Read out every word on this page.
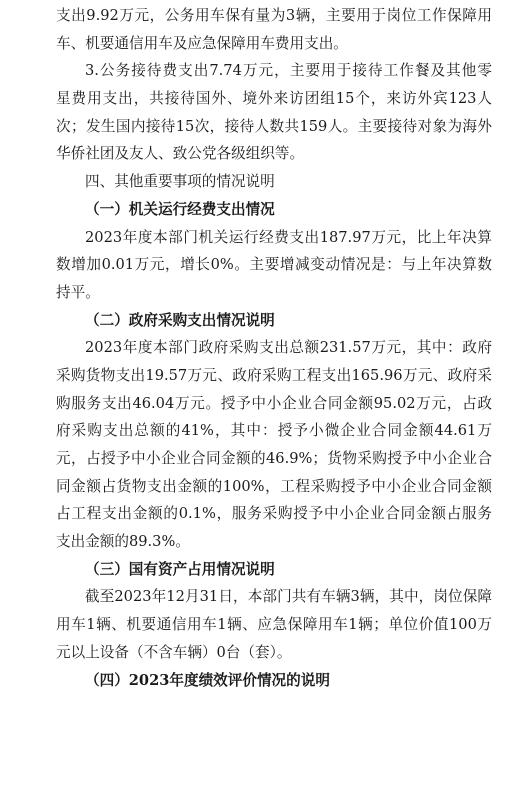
支出9.92万元，公务用车保有量为3辆，主要用于岗位工作保障用
车、机要通信用车及应急保障用车费用支出。
3.公务接待费支出7.74万元，主要用于接待工作餐及其他零
星费用支出，共接待国外、境外来访团组15个，来访外宾123人
次；发生国内接待15次，接待人数共159人。主要接待对象为海外
华侨社团及友人、致公党各级组织等。
四、其他重要事项的情况说明
（一）机关运行经费支出情况
2023年度本部门机关运行经费支出187.97万元，比上年决算
数增加0.01万元，增长0%。主要增减变动情况是：与上年决算数
持平。
（二）政府采购支出情况说明
2023年度本部门政府采购支出总额231.57万元，其中：政府
采购货物支出19.57万元、政府采购工程支出165.96万元、政府采
购服务支出46.04万元。授予中小企业合同金额95.02万元，占政
府采购支出总额的41%，其中：授予小微企业合同金额44.61万
元，占授予中小企业合同金额的46.9%；货物采购授予中小企业合
同金额占货物支出金额的100%，工程采购授予中小企业合同金额
占工程支出金额的0.1%，服务采购授予中小企业合同金额占服务
支出金额的89.3%。
（三）国有资产占用情况说明
截至2023年12月31日，本部门共有车辆3辆，其中，岗位保障
用车1辆、机要通信用车1辆、应急保障用车1辆；单位价值100万
元以上设备（不含车辆）0台（套）。
（四）2023年度绩效评价情况的说明
